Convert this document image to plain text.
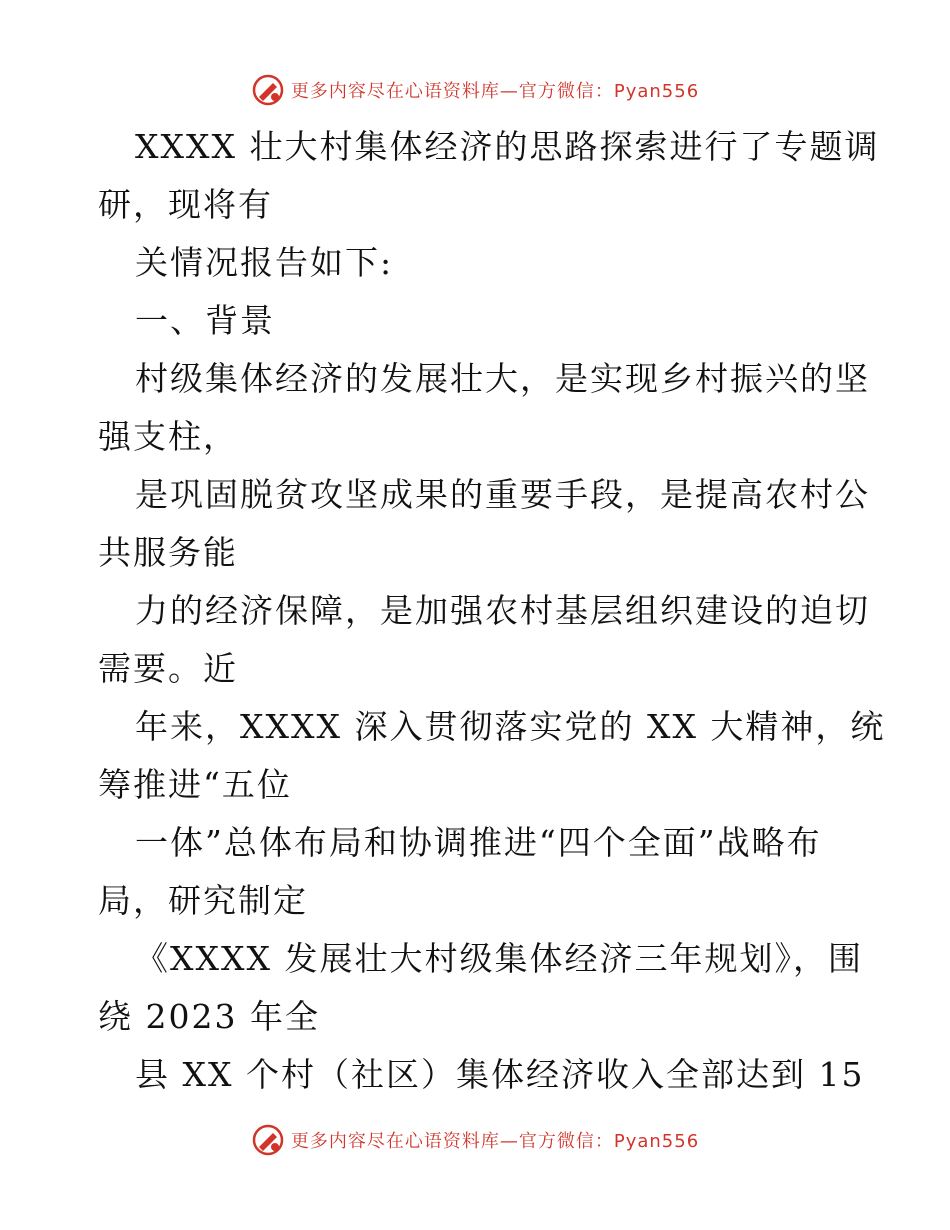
更多内容尽在心语资料库—官方微信：Pyan556
XXXX 壮大村集体经济的思路探索进行了专题调
研，现将有
关情况报告如下:
一、背景
村级集体经济的发展壮大，是实现乡村振兴的坚
强支柱，
是巩固脱贫攻坚成果的重要手段，是提高农村公
共服务能
力的经济保障，是加强农村基层组织建设的迫切
需要。近
年来，XXXX 深入贯彻落实党的 XX 大精神，统
筹推进“五位
一体”总体布局和协调推进“四个全面”战略布
局，研究制定
《XXXX 发展壮大村级集体经济三年规划》，围
绕 2023 年全
县 XX 个村（社区）集体经济收入全部达到 15
更多内容尽在心语资料库—官方微信：Pyan556
